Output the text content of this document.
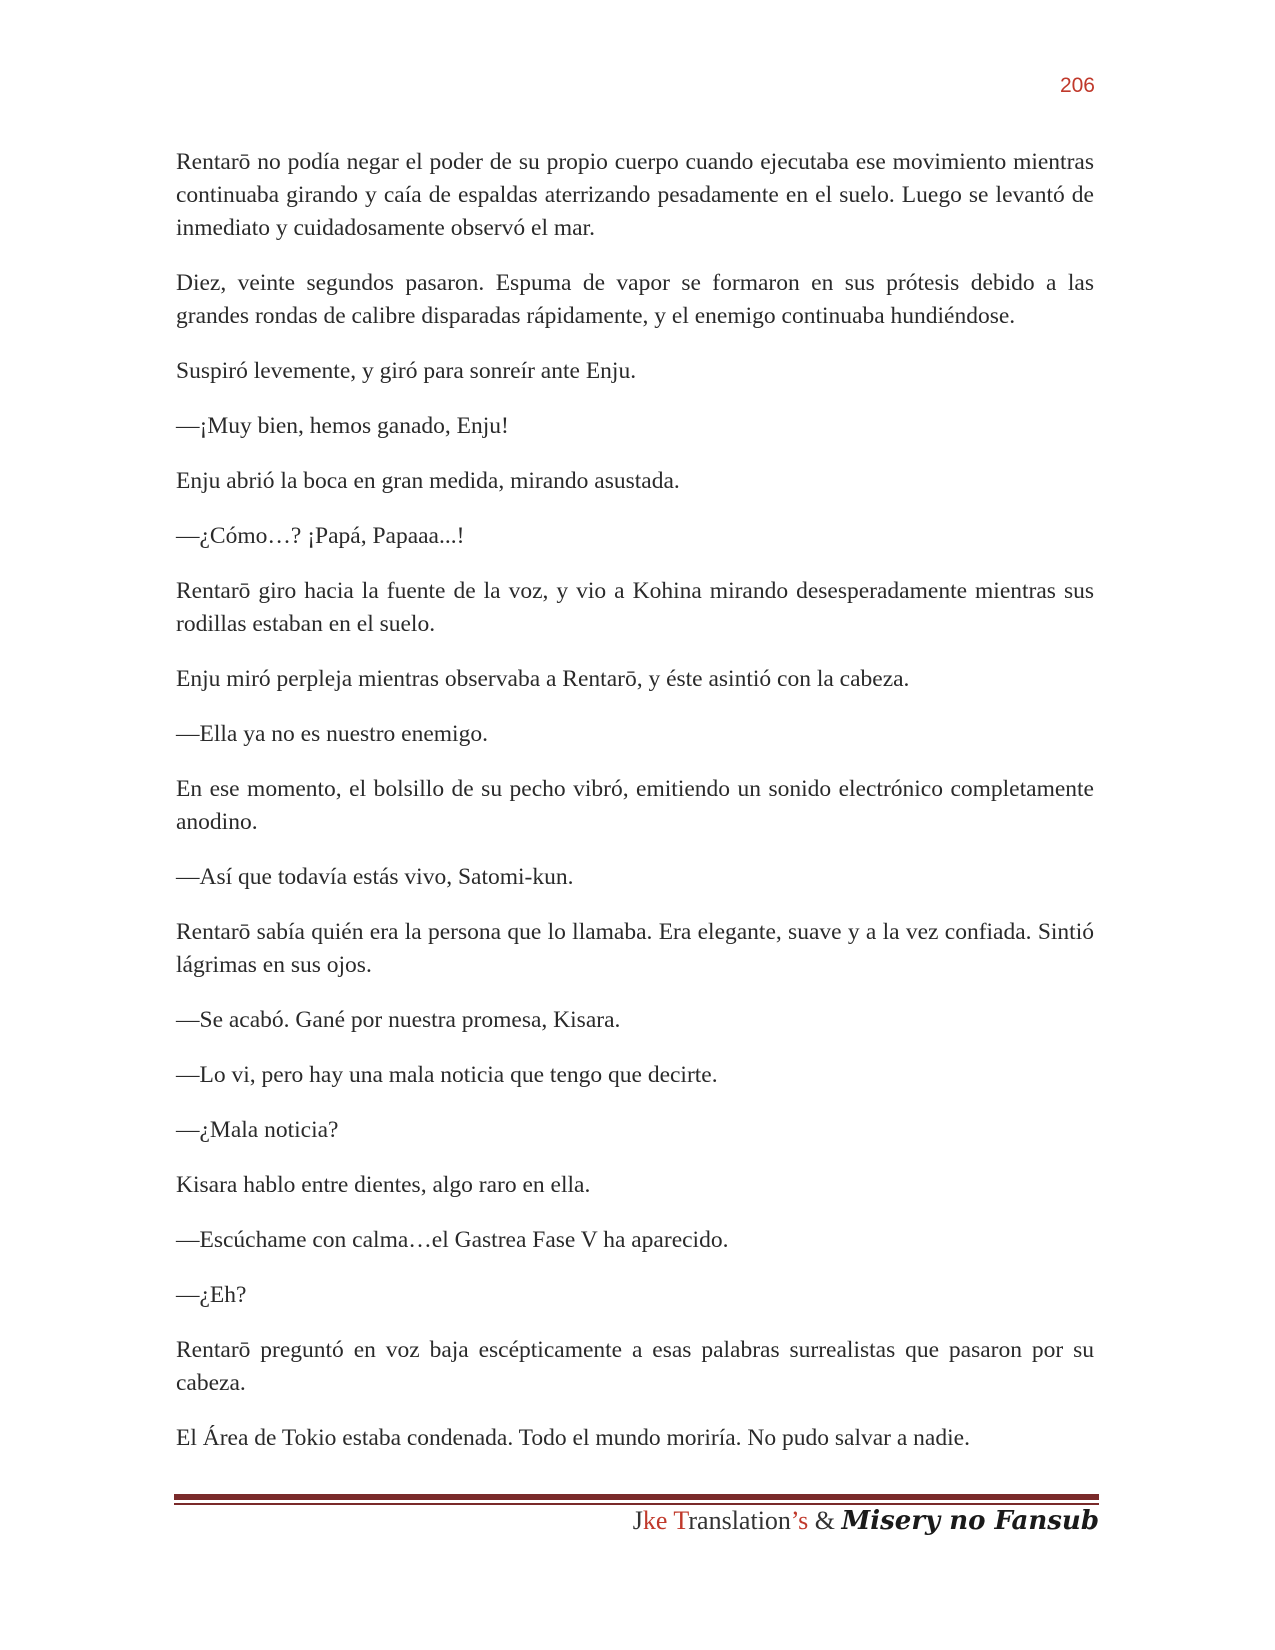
206

Rentarō no podía negar el poder de su propio cuerpo cuando ejecutaba ese movimiento mientras continuaba girando y caía de espaldas aterrizando pesadamente en el suelo. Luego se levantó de inmediato y cuidadosamente observó el mar.

Diez, veinte segundos pasaron. Espuma de vapor se formaron en sus prótesis debido a las grandes rondas de calibre disparadas rápidamente, y el enemigo continuaba hundiéndose.

Suspiró levemente, y giró para sonreír ante Enju.

—¡Muy bien, hemos ganado, Enju!

Enju abrió la boca en gran medida, mirando asustada.

—¿Cómo…? ¡Papá, Papaaa...!

Rentarō giro hacia la fuente de la voz, y vio a Kohina mirando desesperadamente mientras sus rodillas estaban en el suelo.

Enju miró perpleja mientras observaba a Rentarō, y éste asintió con la cabeza.

—Ella ya no es nuestro enemigo.

En ese momento, el bolsillo de su pecho vibró, emitiendo un sonido electrónico completamente anodino.

—Así que todavía estás vivo, Satomi-kun.

Rentarō sabía quién era la persona que lo llamaba. Era elegante, suave y a la vez confiada. Sintió lágrimas en sus ojos.

—Se acabó. Gané por nuestra promesa, Kisara.

—Lo vi, pero hay una mala noticia que tengo que decirte.

—¿Mala noticia?

Kisara hablo entre dientes, algo raro en ella.

—Escúchame con calma…el Gastrea Fase V ha aparecido.

—¿Eh?

Rentarō preguntó en voz baja escépticamente a esas palabras surrealistas que pasaron por su cabeza.

El Área de Tokio estaba condenada. Todo el mundo moriría. No pudo salvar a nadie.

Jke Translation’s & Misery no Fansub
